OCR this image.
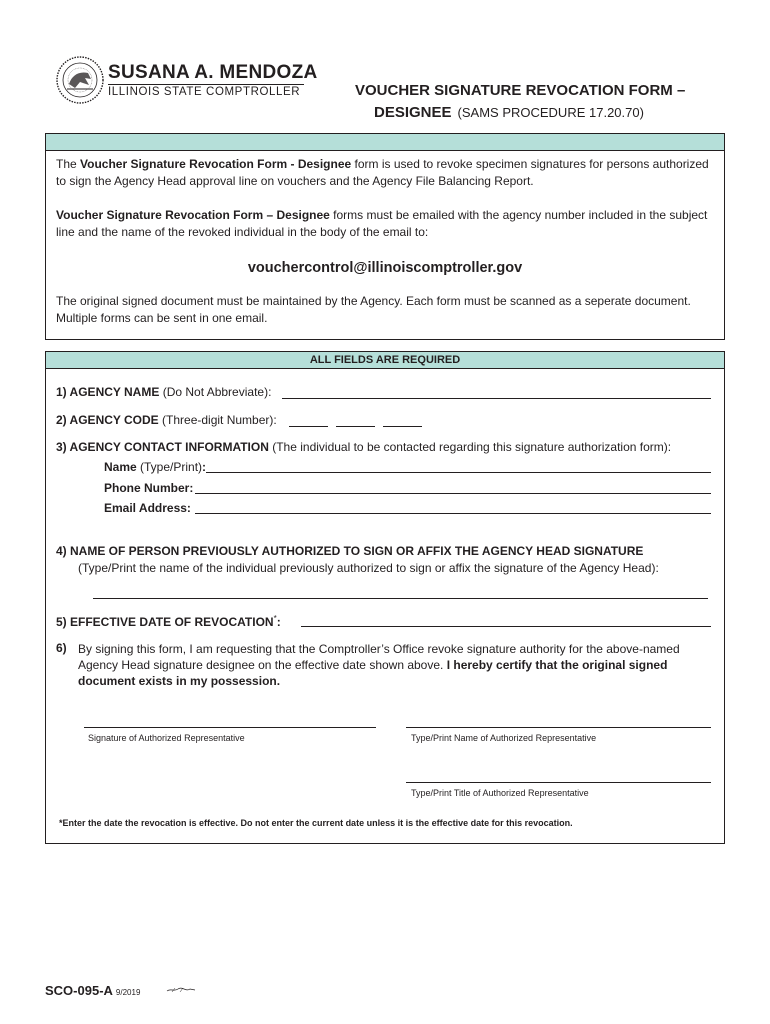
SUSANA A. MENDOZA
ILLINOIS STATE COMPTROLLER	VOUCHER SIGNATURE REVOCATION FORM –
DESIGNEE (SAMS PROCEDURE 17.20.70)
The Voucher Signature Revocation Form - Designee form is used to revoke specimen signatures for persons authorized to sign the Agency Head approval line on vouchers and the Agency File Balancing Report.
Voucher Signature Revocation Form – Designee forms must be emailed with the agency number included in the subject line and the name of the revoked individual in the body of the email to:
vouchercontrol@illinoiscomptroller.gov
The original signed document must be maintained by the Agency. Each form must be scanned as a seperate document. Multiple forms can be sent in one email.
ALL FIELDS ARE REQUIRED
1) AGENCY NAME (Do Not Abbreviate):
2) AGENCY CODE (Three-digit Number):
3) AGENCY CONTACT INFORMATION (The individual to be contacted regarding this signature authorization form):
Name (Type/Print):
Phone Number:
Email Address:
4) NAME OF PERSON PREVIOUSLY AUTHORIZED TO SIGN OR AFFIX THE AGENCY HEAD SIGNATURE
(Type/Print the name of the individual previously authorized to sign or affix the signature of the Agency Head):
5) EFFECTIVE DATE OF REVOCATION*:
6) By signing this form, I am requesting that the Comptroller’s Office revoke signature authority for the above-named Agency Head signature designee on the effective date shown above. I hereby certify that the original signed document exists in my possession.
Signature of Authorized Representative	Type/Print Name of Authorized Representative
Type/Print Title of Authorized Representative
*Enter the date the revocation is effective. Do not enter the current date unless it is the effective date for this revocation.
SCO-095-A 9/2019
